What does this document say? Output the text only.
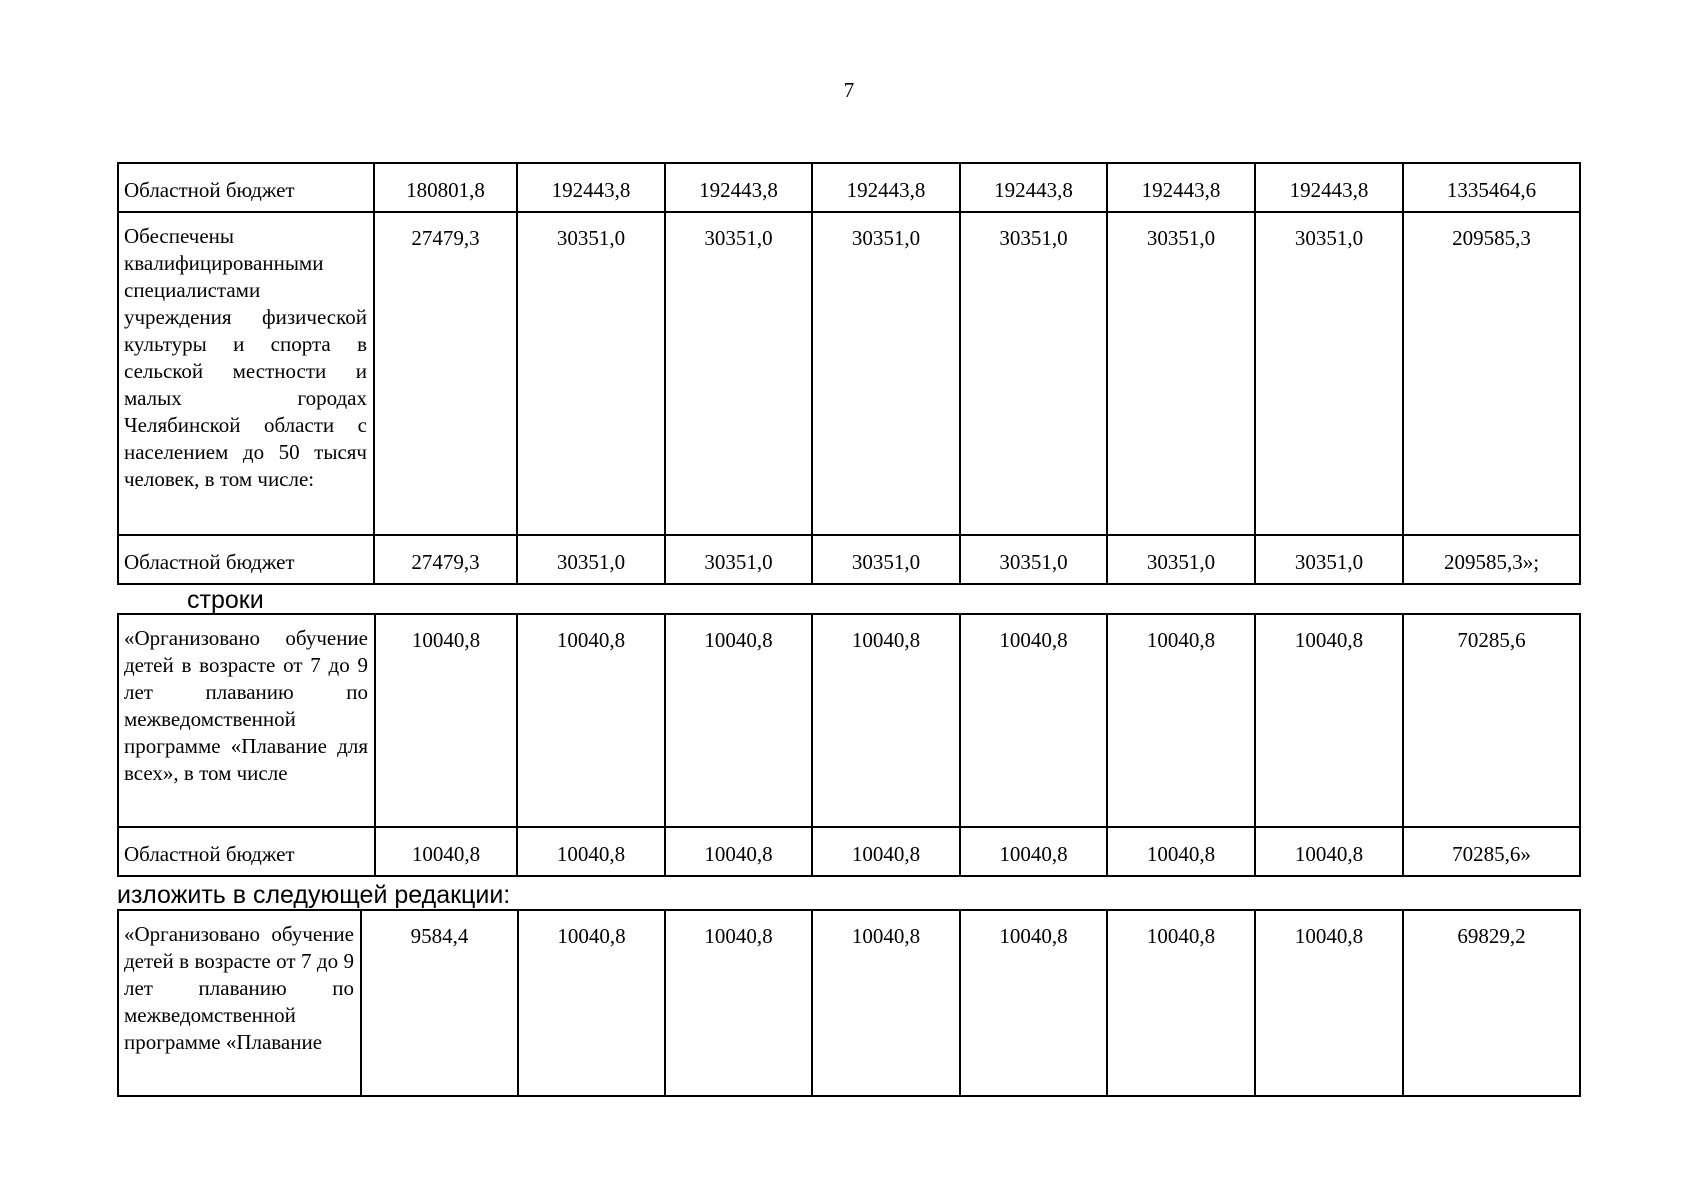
7
Областной бюджет	180801,8	192443,8	192443,8	192443,8	192443,8	192443,8	192443,8	1335464,6
Обеспечены квалифицированными специалистами учреждения физической культуры и спорта в сельской местности и малых городах Челябинской области с населением до 50 тысяч человек, в том числе:	27479,3	30351,0	30351,0	30351,0	30351,0	30351,0	30351,0	209585,3
Областной бюджет	27479,3	30351,0	30351,0	30351,0	30351,0	30351,0	30351,0	209585,3»;
строки
«Организовано обучение детей в возрасте от 7 до 9 лет плаванию по межведомственной программе «Плавание для всех», в том числе	10040,8	10040,8	10040,8	10040,8	10040,8	10040,8	10040,8	70285,6
Областной бюджет	10040,8	10040,8	10040,8	10040,8	10040,8	10040,8	10040,8	70285,6»
изложить в следующей редакции:
«Организовано обучение детей в возрасте от 7 до 9 лет плаванию по межведомственной программе «Плавание	9584,4	10040,8	10040,8	10040,8	10040,8	10040,8	10040,8	69829,2
